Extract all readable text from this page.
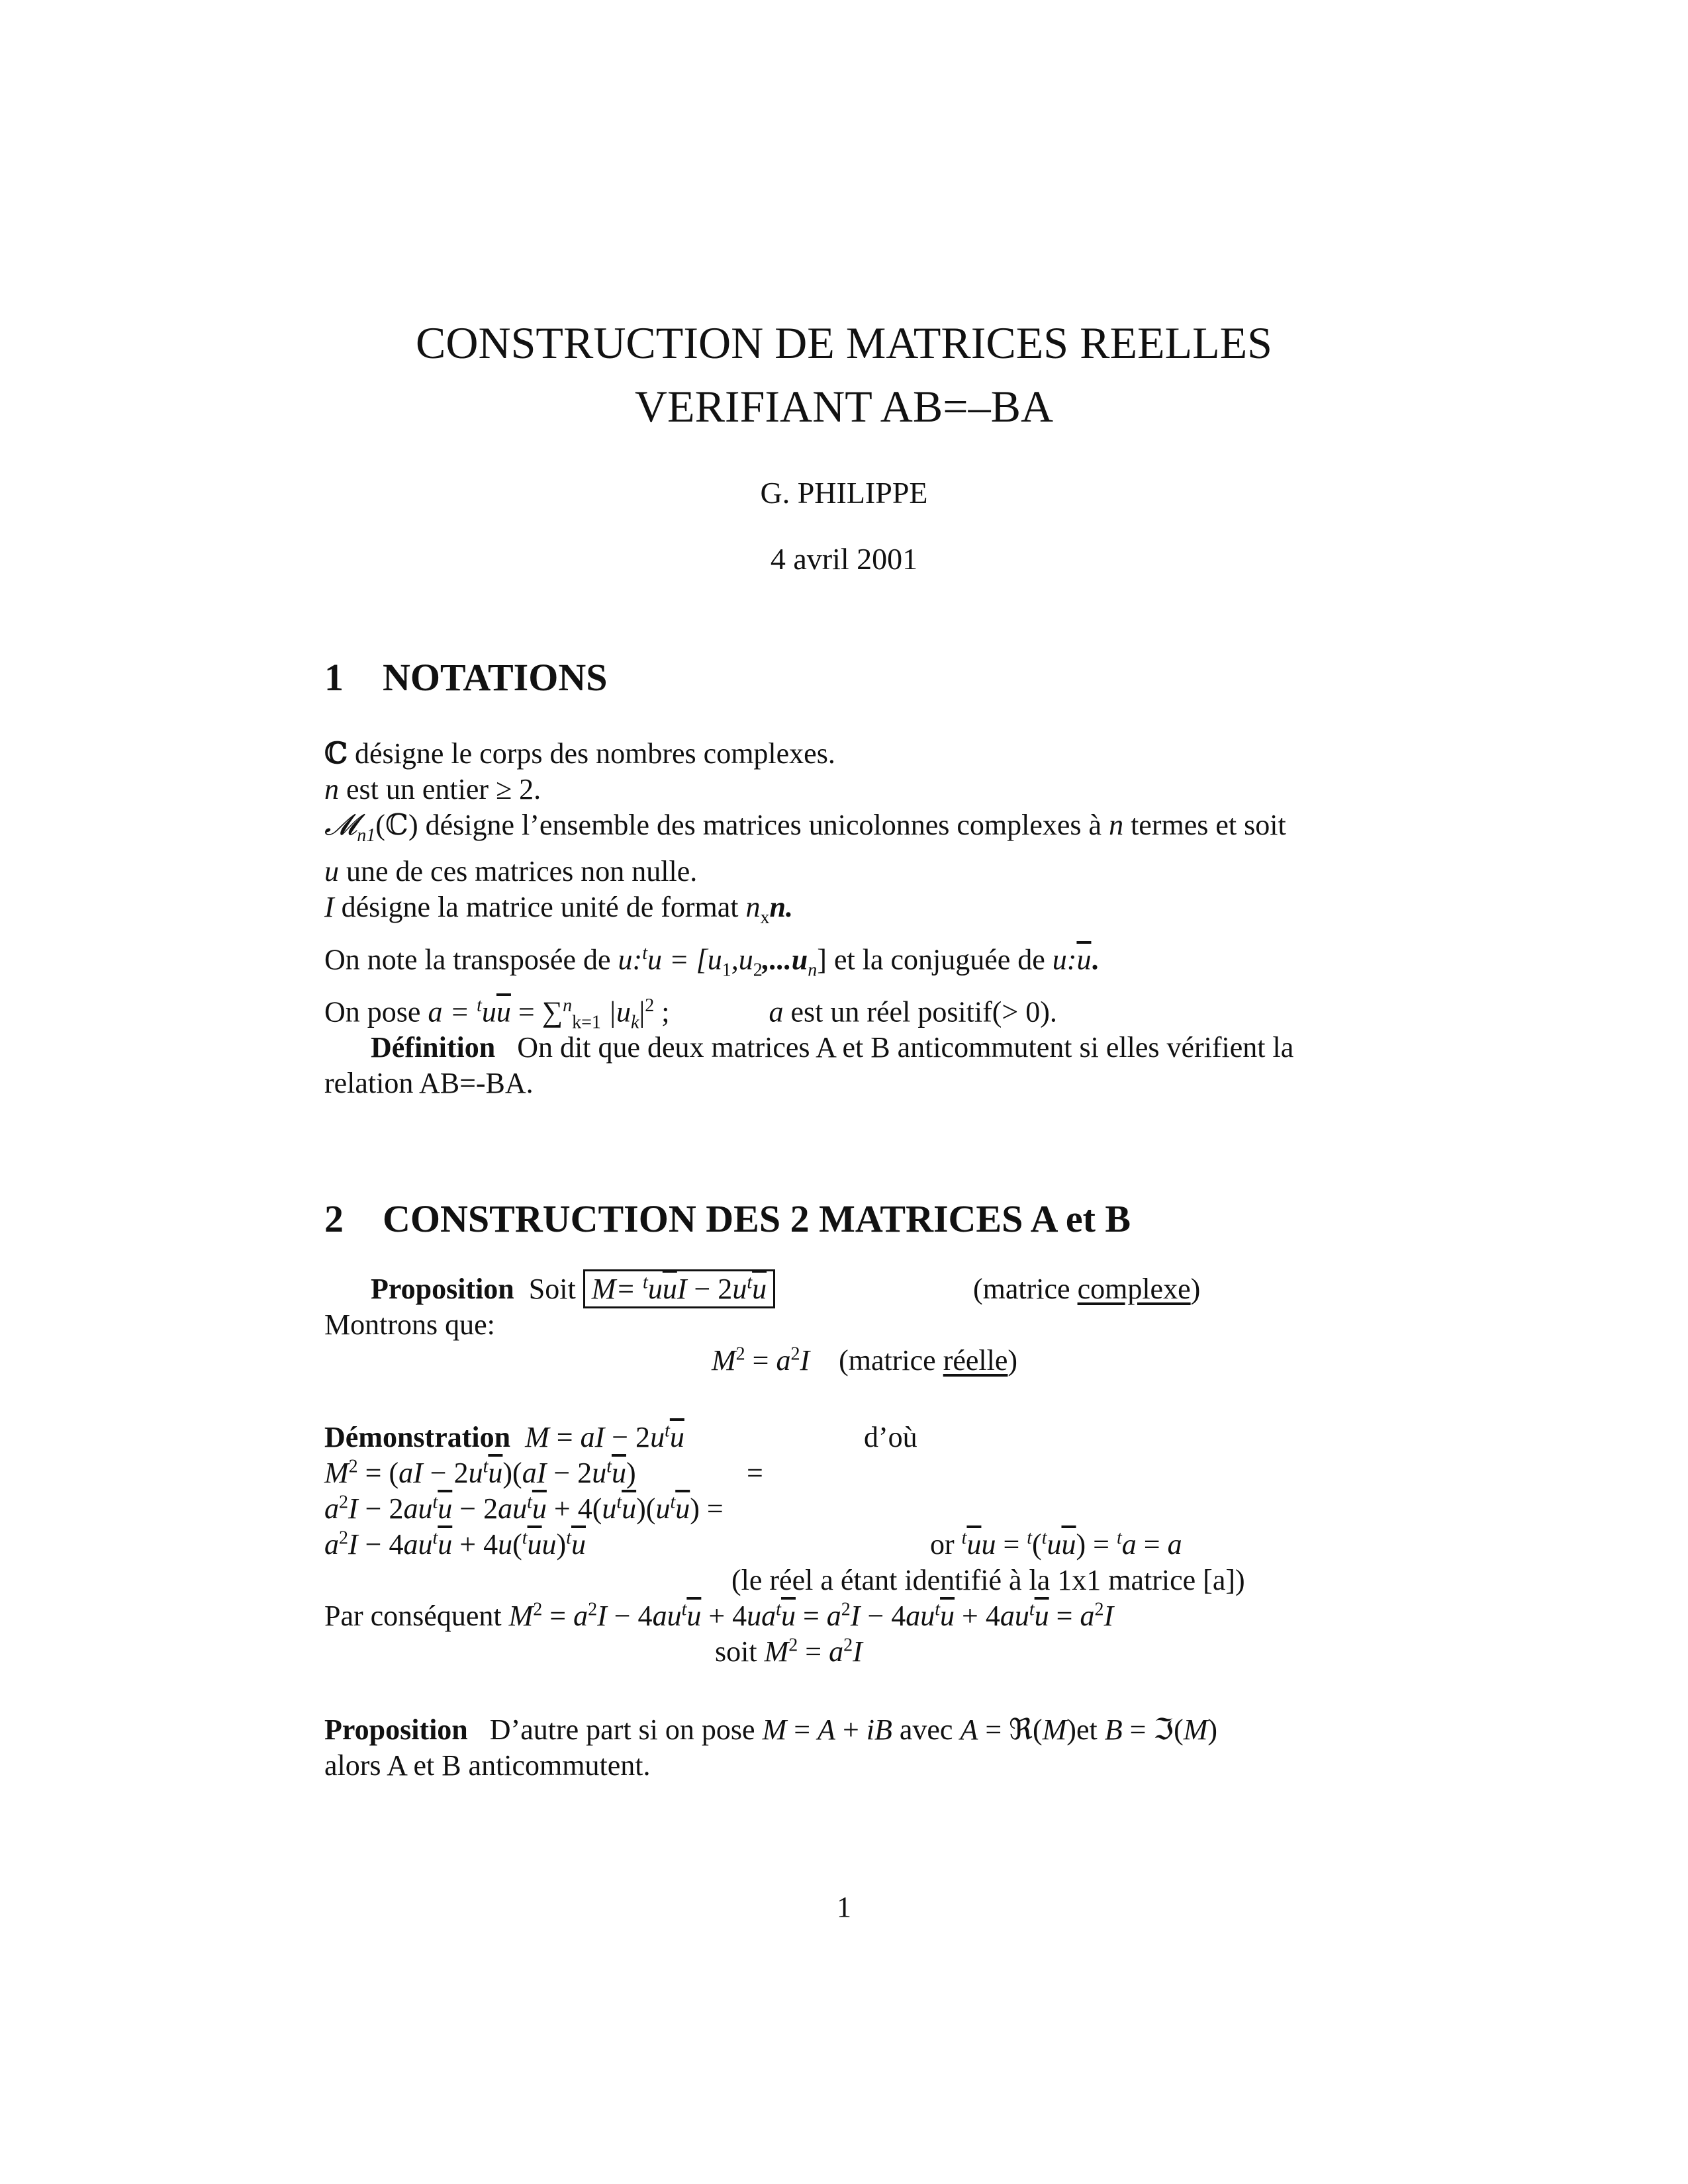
CONSTRUCTION DE MATRICES REELLES
VERIFIANT AB=–BA
G. PHILIPPE
4 avril 2001
1 NOTATIONS
ℂ désigne le corps des nombres complexes.
n est un entier ≥ 2.
𝓜$_{n1}$(ℂ) désigne l’ensemble des matrices unicolonnes complexes à n termes et soit
u une de ces matrices non nulle.
I désigne la matrice unité de format $n_xn$.
On note la transposée de u:$^t$u = $[u_1,u_2,...u_n]$ et la conjuguée de $u:\overline{u}$.
On pose $a = ^tu\overline{u} = \sum^n_{k=1}$ $|u_k|^2$ ;	a est un réel positif(> 0).
Définition On dit que deux matrices A et B anticommutent si elles vérifient la
relation AB=-BA.
2 CONSTRUCTION DES 2 MATRICES A et B
Proposition Soit $M= ^tu\overline{u}I - 2u^t\overline{u}$	(matrice complexe)
Montrons que:
$M^2 = a^2I$ (matrice réelle)
Démonstration M = aI − $2u^t\overline{u}$	d’où
$M^2 = (aI - 2u^t\overline{u})(aI - 2u^t\overline{u})$	=
$a^2I - 2au^t\overline{u} - 2au^t\overline{u} + 4(u^t\overline{u})(u^t\overline{u})$ =
$a^2I - 4au^t\overline{u} + 4u(^t\overline{u}u)^t\overline{u}$	or $^t\overline{u}u = ^t(^tu\overline{u}) = ^ta = a$
(le réel a étant identifié à la 1x1 matrice [a])
Par conséquent $M^2 = a^2I - 4au^t\overline{u} + 4ua^t\overline{u} = a^2I - 4au^t\overline{u} + 4au^t\overline{u} = a^2I$
soit $M^2 = a^2I$
Proposition D’autre part si on pose M = A + iB avec A = ℜ(M)et B = ℑ(M)
alors A et B anticommutent.
1
